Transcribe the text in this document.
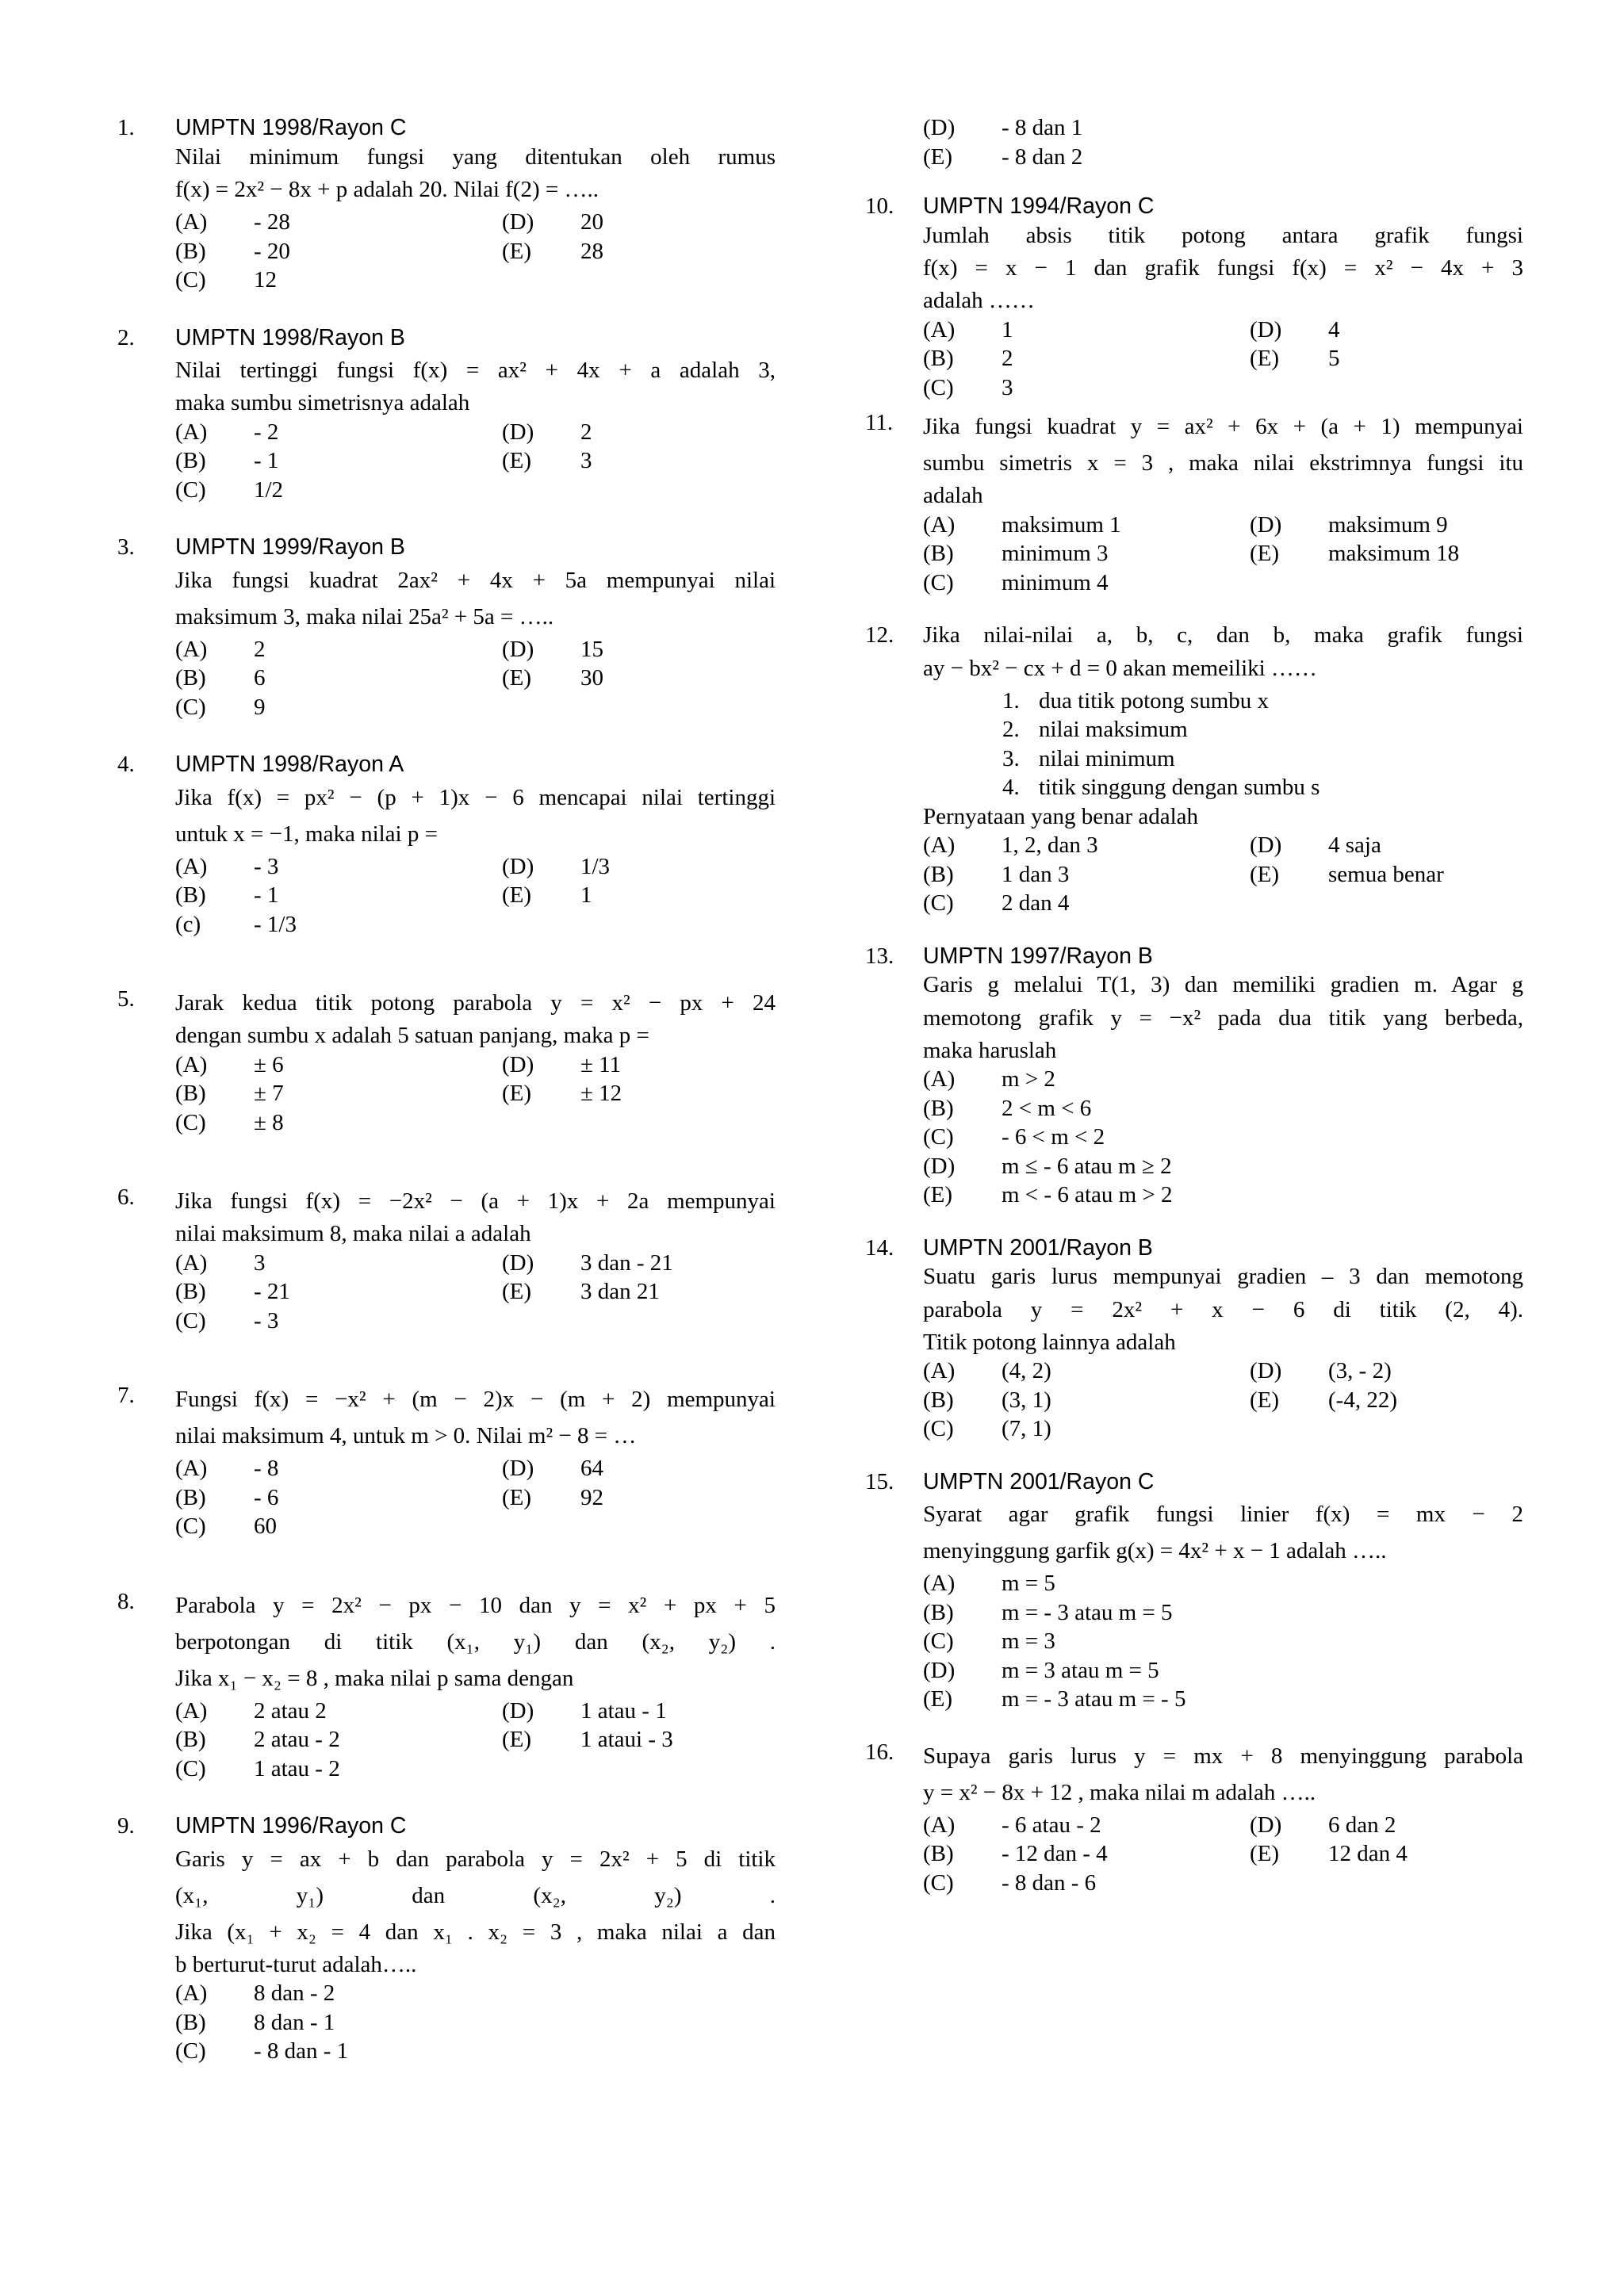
1. UMPTN 1998/Rayon C
Nilai minimum fungsi yang ditentukan oleh rumus
f(x) = 2x² − 8x + p adalah 20. Nilai f(2) = …..
(A)	- 28	(D)	20
(B)	- 20	(E)	28
(C)	12
2. UMPTN 1998/Rayon B
Nilai tertinggi fungsi f(x) = ax² + 4x + a adalah 3,
maka sumbu simetrisnya adalah
(A)	- 2	(D)	2
(B)	- 1	(E)	3
(C)	1/2
3. UMPTN 1999/Rayon B
Jika fungsi kuadrat 2ax² + 4x + 5a mempunyai nilai
maksimum 3, maka nilai 25a² + 5a = …..
(A)	2	(D)	15
(B)	6	(E)	30
(C)	9
4. UMPTN 1998/Rayon A
Jika f(x) = px² − (p + 1)x − 6 mencapai nilai tertinggi
untuk x = −1, maka nilai p =
(A)	- 3	(D)	1/3
(B)	- 1	(E)	1
(c)	- 1/3
5. Jarak kedua titik potong parabola y = x² − px + 24
dengan sumbu x adalah 5 satuan panjang, maka p =
(A)	± 6	(D)	± 11
(B)	± 7	(E)	± 12
(C)	± 8
6. Jika fungsi f(x) = −2x² − (a + 1)x + 2a mempunyai
nilai maksimum 8, maka nilai a adalah
(A)	3	(D)	3 dan - 21
(B)	- 21	(E)	3 dan 21
(C)	- 3
7. Fungsi f(x) = −x² + (m − 2)x − (m + 2) mempunyai
nilai maksimum 4, untuk m > 0. Nilai m² − 8 = …
(A)	- 8	(D)	64
(B)	- 6	(E)	92
(C)	60
8. Parabola y = 2x² − px − 10 dan y = x² + px + 5
berpotongan di titik (x₁, y₁) dan (x₂, y₂) .
Jika x₁ − x₂ = 8 , maka nilai p sama dengan
(A)	2 atau 2	(D)	1 atau - 1
(B)	2 atau - 2	(E)	1 ataui - 3
(C)	1 atau - 2
9. UMPTN 1996/Rayon C
Garis y = ax + b dan parabola y = 2x² + 5 di titik
(x₁, y₁) dan (x₂, y₂) .
Jika (x₁ + x₂ = 4 dan x₁ . x₂ = 3 , maka nilai a dan
b berturut-turut adalah…..
(A)	8 dan - 2
(B)	8 dan - 1
(C)	- 8 dan - 1
(D)	- 8 dan 1
(E)	- 8 dan 2
10. UMPTN 1994/Rayon C
Jumlah absis titik potong antara grafik fungsi
f(x) = x − 1 dan grafik fungsi f(x) = x² − 4x + 3
adalah ……
(A)	1	(D)	4
(B)	2	(E)	5
(C)	3
11. Jika fungsi kuadrat y = ax² + 6x + (a + 1) mempunyai
sumbu simetris x = 3 , maka nilai ekstrimnya fungsi itu
adalah
(A)	maksimum 1	(D)	maksimum 9
(B)	minimum 3	(E)	maksimum 18
(C)	minimum 4
12. Jika nilai-nilai a, b, c, dan b, maka grafik fungsi
ay − bx² − cx + d = 0 akan memeiliki ……
1. dua titik potong sumbu x
2. nilai maksimum
3. nilai minimum
4. titik singgung dengan sumbu s
Pernyataan yang benar adalah
(A)	1, 2, dan 3	(D)	4 saja
(B)	1 dan 3	(E)	semua benar
(C)	2 dan 4
13. UMPTN 1997/Rayon B
Garis g melalui T(1, 3) dan memiliki gradien m. Agar g
memotong grafik y = −x² pada dua titik yang berbeda,
maka haruslah
(A)	m > 2
(B)	2 < m < 6
(C)	- 6 < m < 2
(D)	m ≤ - 6 atau m ≥ 2
(E)	m < - 6 atau m > 2
14. UMPTN 2001/Rayon B
Suatu garis lurus mempunyai gradien – 3 dan memotong
parabola y = 2x² + x − 6 di titik (2, 4).
Titik potong lainnya adalah
(A)	(4, 2)	(D)	(3, - 2)
(B)	(3, 1)	(E)	(-4, 22)
(C)	(7, 1)
15. UMPTN 2001/Rayon C
Syarat agar grafik fungsi linier f(x) = mx − 2
menyinggung garfik g(x) = 4x² + x − 1 adalah …..
(A)	m = 5
(B)	m = - 3 atau m = 5
(C)	m = 3
(D)	m = 3 atau m = 5
(E)	m = - 3 atau m = - 5
16. Supaya garis lurus y = mx + 8 menyinggung parabola
y = x² − 8x + 12 , maka nilai m adalah …..
(A)	- 6 atau - 2	(D)	6 dan 2
(B)	- 12 dan - 4	(E)	12 dan 4
(C)	- 8 dan - 6
